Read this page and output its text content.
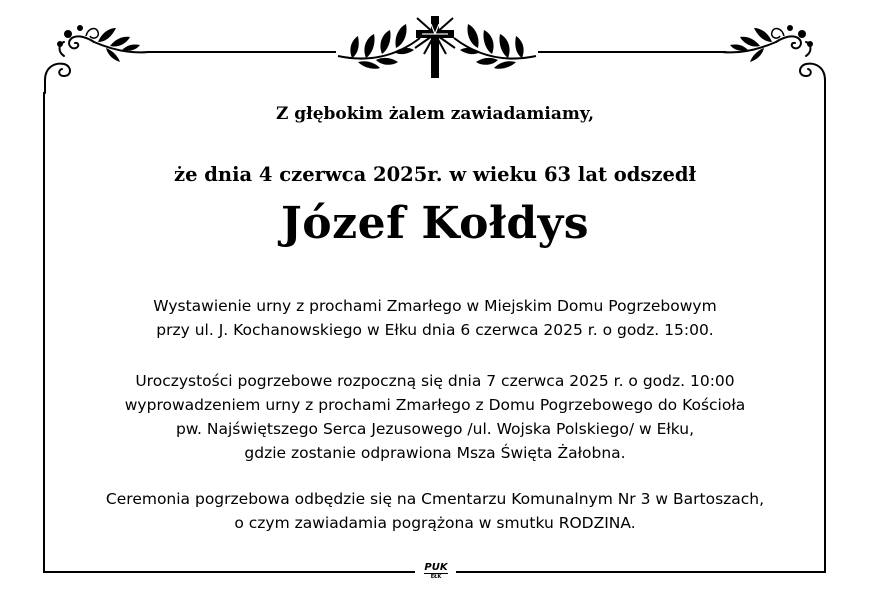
Z głębokim żalem zawiadamiamy,
że dnia 4 czerwca 2025r. w wieku 63 lat odszedł
Józef Kołdys
Wystawienie urny z prochami Zmarłego w Miejskim Domu Pogrzebowym
przy ul. J. Kochanowskiego w Ełku dnia 6 czerwca 2025 r. o godz. 15:00.
Uroczystości pogrzebowe rozpoczną się dnia 7 czerwca 2025 r. o godz. 10:00
wyprowadzeniem urny z prochami Zmarłego z Domu Pogrzebowego do Kościoła
pw. Najświętszego Serca Jezusowego /ul. Wojska Polskiego/ w Ełku,
gdzie zostanie odprawiona Msza Święta Żałobna.
Ceremonia pogrzebowa odbędzie się na Cmentarzu Komunalnym Nr 3 w Bartoszach,
o czym zawiadamia pogrążona w smutku RODZINA.
PUK
EŁK
